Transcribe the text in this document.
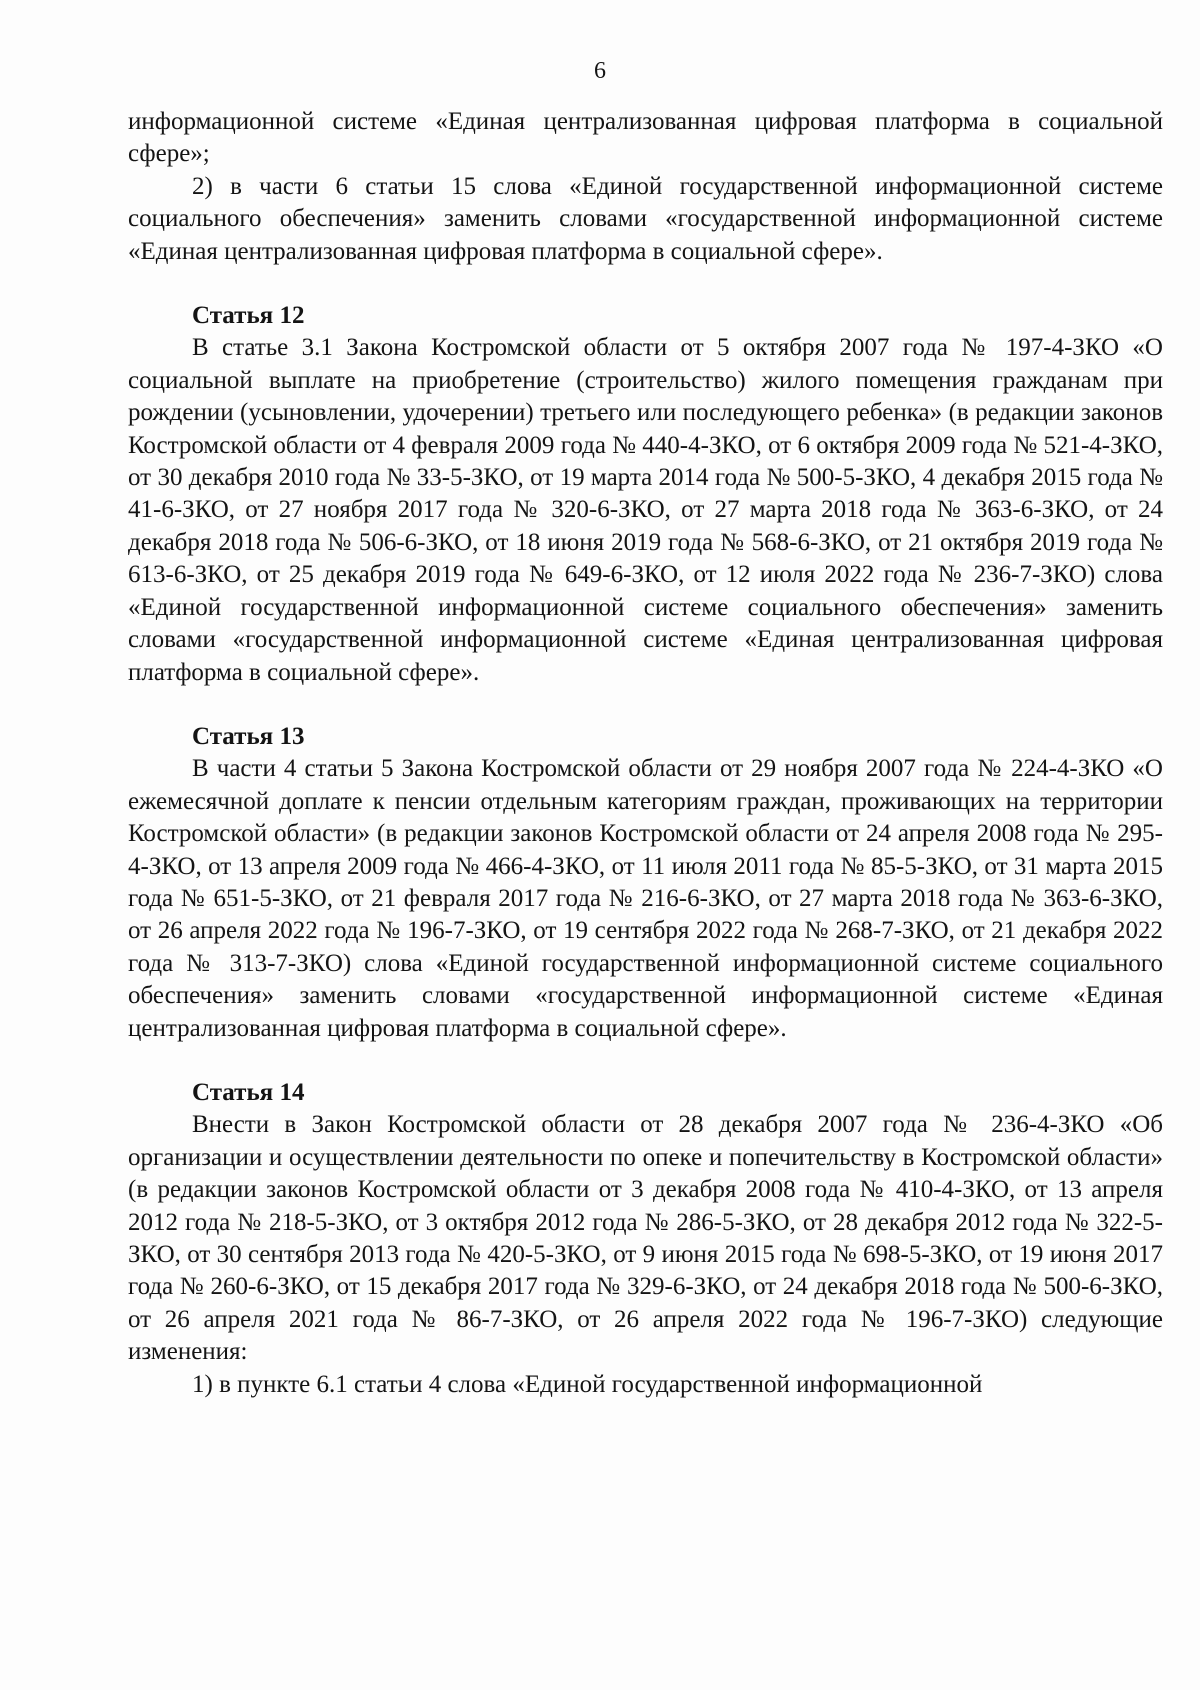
6

информационной системе «Единая централизованная цифровая платформа в социальной сфере»;

2) в части 6 статьи 15 слова «Единой государственной информационной системе социального обеспечения» заменить словами «государственной информационной системе «Единая централизованная цифровая платформа в социальной сфере».

Статья 12

В статье 3.1 Закона Костромской области от 5 октября 2007 года № 197-4-ЗКО «О социальной выплате на приобретение (строительство) жилого помещения гражданам при рождении (усыновлении, удочерении) третьего или последующего ребенка» (в редакции законов Костромской области от 4 февраля 2009 года № 440-4-ЗКО, от 6 октября 2009 года № 521-4-ЗКО, от 30 декабря 2010 года № 33-5-ЗКО, от 19 марта 2014 года № 500-5-ЗКО, 4 декабря 2015 года № 41-6-ЗКО, от 27 ноября 2017 года № 320-6-ЗКО, от 27 марта 2018 года № 363-6-ЗКО, от 24 декабря 2018 года № 506-6-ЗКО, от 18 июня 2019 года № 568-6-ЗКО, от 21 октября 2019 года № 613-6-ЗКО, от 25 декабря 2019 года № 649-6-ЗКО, от 12 июля 2022 года № 236-7-ЗКО) слова «Единой государственной информационной системе социального обеспечения» заменить словами «государственной информационной системе «Единая централизованная цифровая платформа в социальной сфере».

Статья 13

В части 4 статьи 5 Закона Костромской области от 29 ноября 2007 года № 224-4-ЗКО «О ежемесячной доплате к пенсии отдельным категориям граждан, проживающих на территории Костромской области» (в редакции законов Костромской области от 24 апреля 2008 года № 295-4-ЗКО, от 13 апреля 2009 года № 466-4-ЗКО, от 11 июля 2011 года № 85-5-ЗКО, от 31 марта 2015 года № 651-5-ЗКО, от 21 февраля 2017 года № 216-6-ЗКО, от 27 марта 2018 года № 363-6-ЗКО, от 26 апреля 2022 года № 196-7-ЗКО, от 19 сентября 2022 года № 268-7-ЗКО, от 21 декабря 2022 года № 313-7-ЗКО) слова «Единой государственной информационной системе социального обеспечения» заменить словами «государственной информационной системе «Единая централизованная цифровая платформа в социальной сфере».

Статья 14

Внести в Закон Костромской области от 28 декабря 2007 года № 236-4-ЗКО «Об организации и осуществлении деятельности по опеке и попечительству в Костромской области» (в редакции законов Костромской области от 3 декабря 2008 года № 410-4-ЗКО, от 13 апреля 2012 года № 218-5-ЗКО, от 3 октября 2012 года № 286-5-ЗКО, от 28 декабря 2012 года № 322-5-ЗКО, от 30 сентября 2013 года № 420-5-ЗКО, от 9 июня 2015 года № 698-5-ЗКО, от 19 июня 2017 года № 260-6-ЗКО, от 15 декабря 2017 года № 329-6-ЗКО, от 24 декабря 2018 года № 500-6-ЗКО, от 26 апреля 2021 года № 86-7-ЗКО, от 26 апреля 2022 года № 196-7-ЗКО) следующие изменения:

1) в пункте 6.1 статьи 4 слова «Единой государственной информационной
